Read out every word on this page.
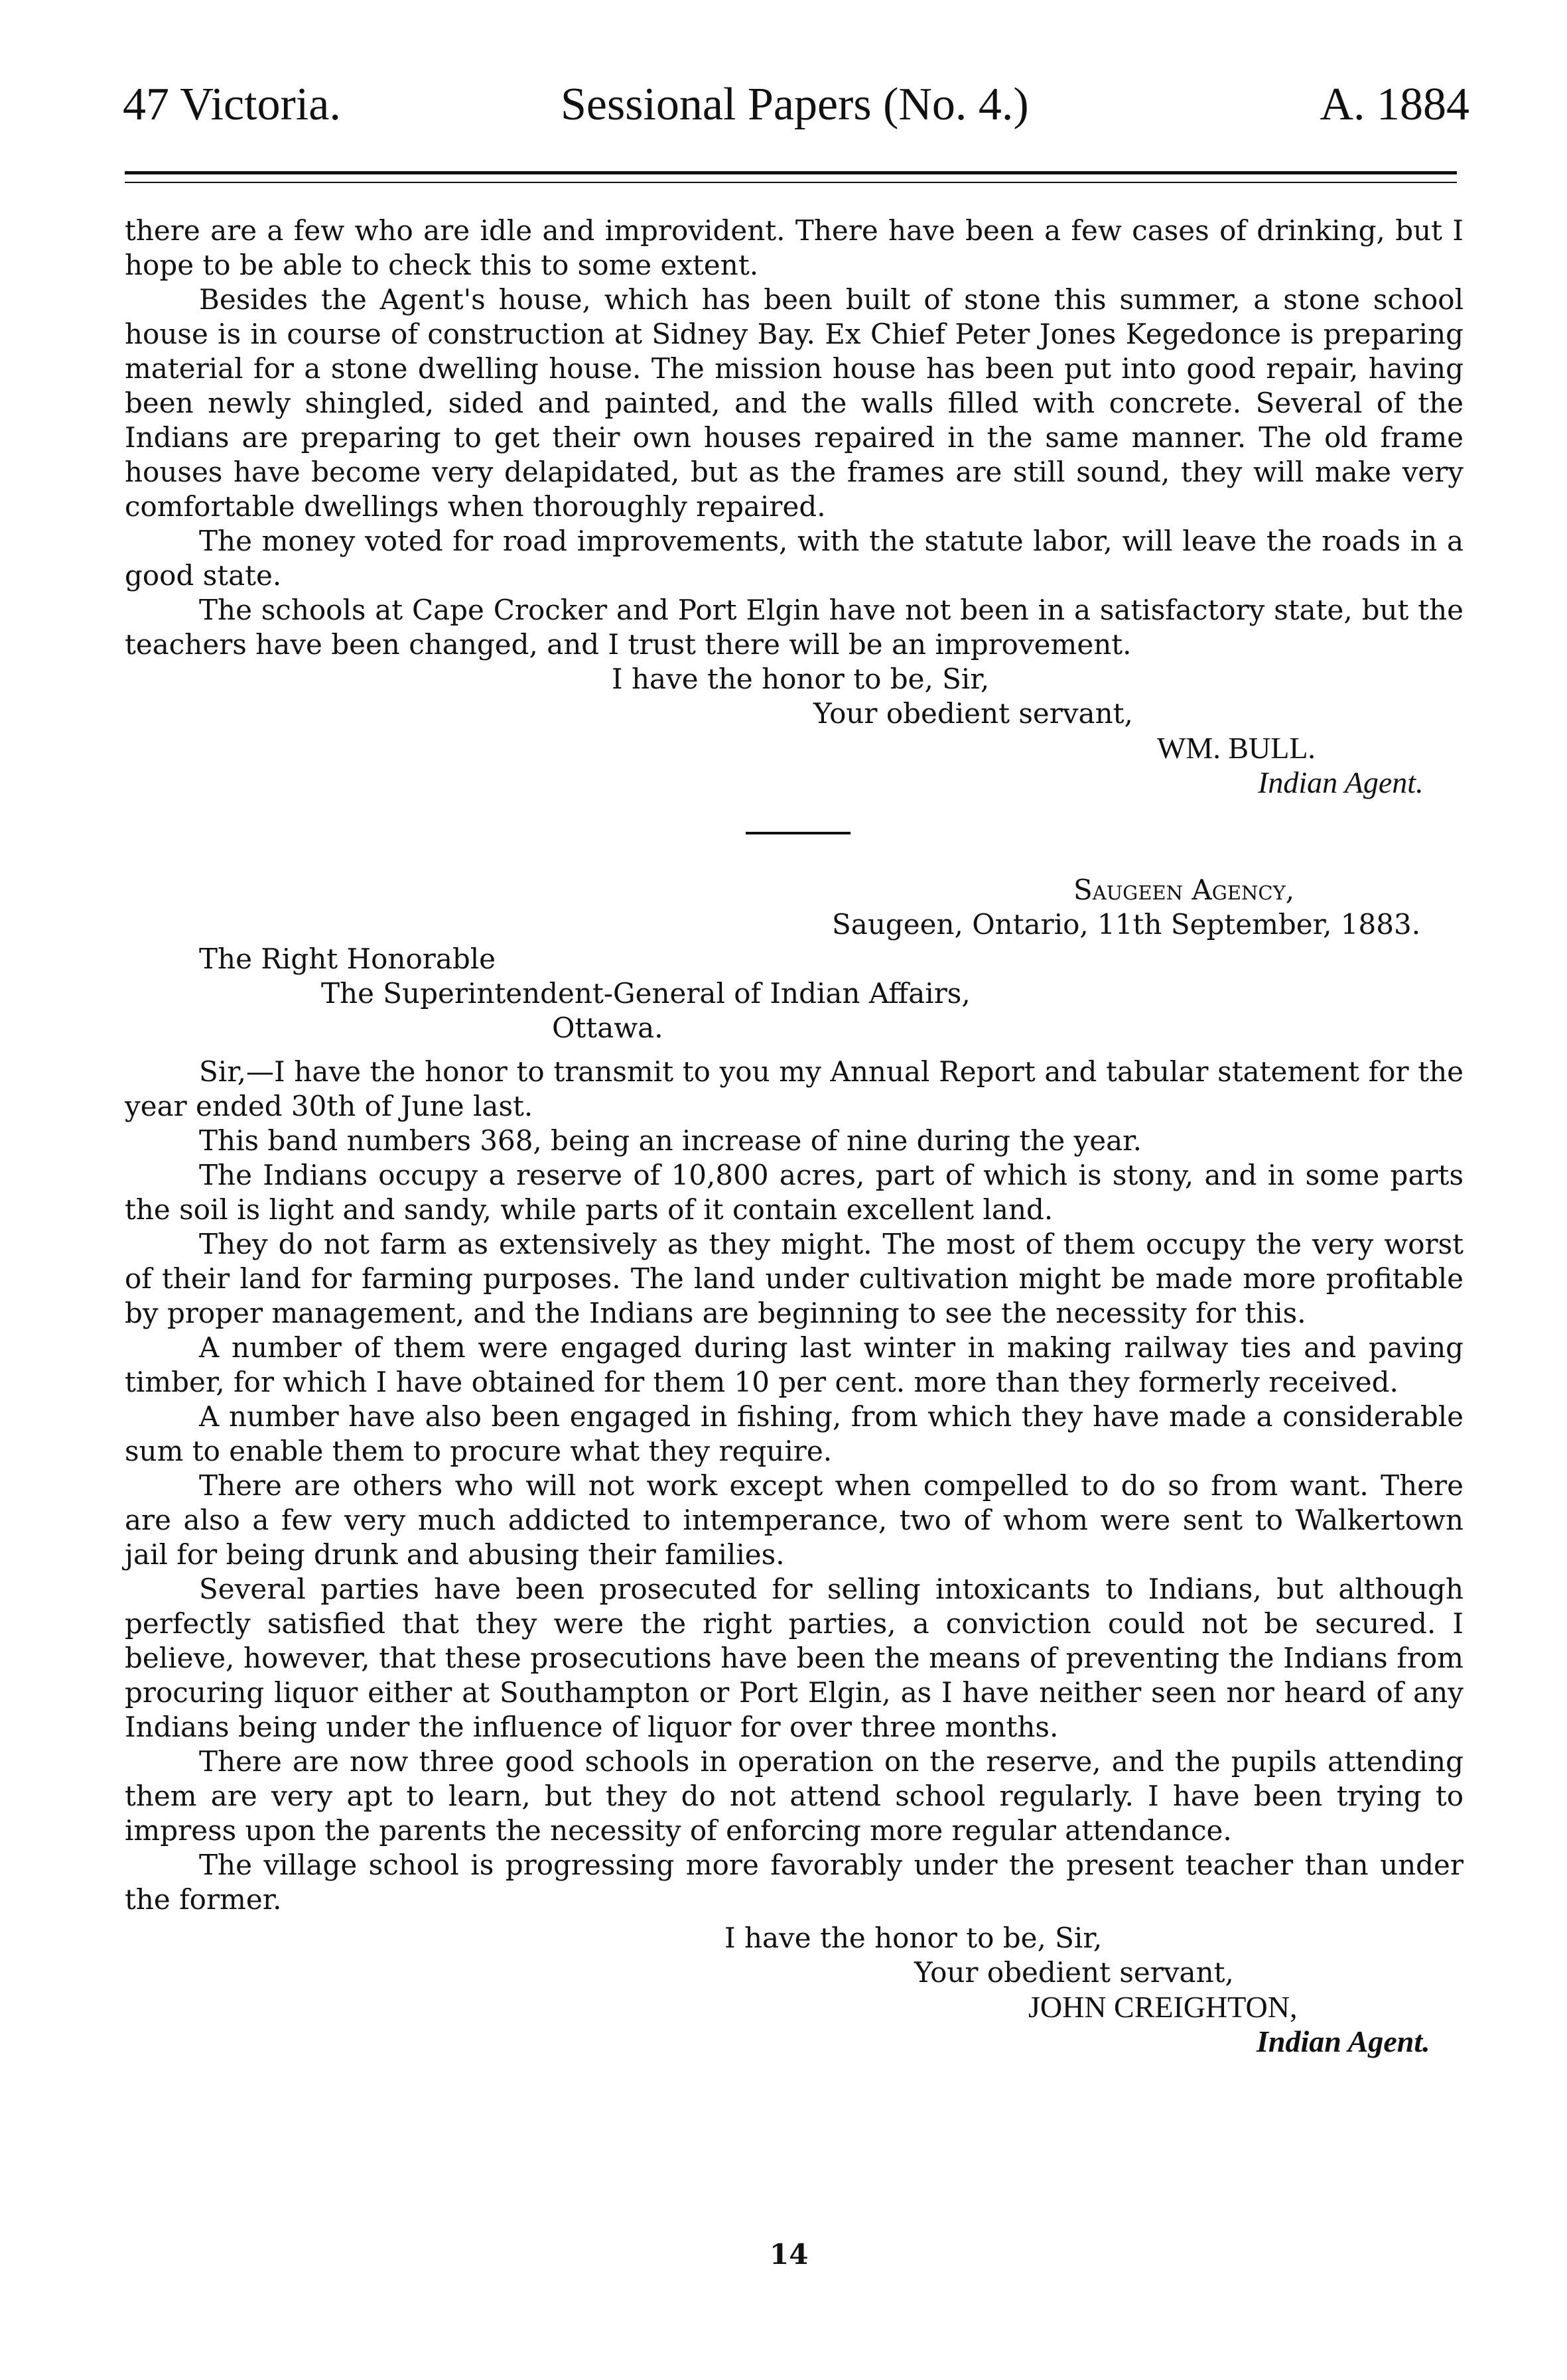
47 Victoria.	Sessional Papers (No. 4.)	A. 1884

there are a few who are idle and improvident. There have been a few cases of drinking, but I hope to be able to check this to some extent.

Besides the Agent's house, which has been built of stone this summer, a stone school house is in course of construction at Sidney Bay. Ex Chief Peter Jones Kegedonce is preparing material for a stone dwelling house. The mission house has been put into good repair, having been newly shingled, sided and painted, and the walls filled with concrete. Several of the Indians are preparing to get their own houses repaired in the same manner. The old frame houses have become very delapidated, but as the frames are still sound, they will make very comfortable dwellings when thoroughly repaired.

The money voted for road improvements, with the statute labor, will leave the roads in a good state.

The schools at Cape Crocker and Port Elgin have not been in a satisfactory state, but the teachers have been changed, and I trust there will be an improvement.

I have the honor to be, Sir,

Your obedient servant,

WM. BULL.

Indian Agent.

Saugeen Agency,

Saugeen, Ontario, 11th September, 1883.

The Right Honorable

The Superintendent-General of Indian Affairs,

Ottawa.

Sir,—I have the honor to transmit to you my Annual Report and tabular statement for the year ended 30th of June last.

This band numbers 368, being an increase of nine during the year.

The Indians occupy a reserve of 10,800 acres, part of which is stony, and in some parts the soil is light and sandy, while parts of it contain excellent land.

They do not farm as extensively as they might. The most of them occupy the very worst of their land for farming purposes. The land under cultivation might be made more profitable by proper management, and the Indians are beginning to see the necessity for this.

A number of them were engaged during last winter in making railway ties and paving timber, for which I have obtained for them 10 per cent. more than they formerly received.

A number have also been engaged in fishing, from which they have made a considerable sum to enable them to procure what they require.

There are others who will not work except when compelled to do so from want. There are also a few very much addicted to intemperance, two of whom were sent to Walkertown jail for being drunk and abusing their families.

Several parties have been prosecuted for selling intoxicants to Indians, but although perfectly satisfied that they were the right parties, a conviction could not be secured. I believe, however, that these prosecutions have been the means of preventing the Indians from procuring liquor either at Southampton or Port Elgin, as I have neither seen nor heard of any Indians being under the influence of liquor for over three months.

There are now three good schools in operation on the reserve, and the pupils attending them are very apt to learn, but they do not attend school regularly. I have been trying to impress upon the parents the necessity of enforcing more regular attendance.

The village school is progressing more favorably under the present teacher than under the former.

I have the honor to be, Sir,

Your obedient servant,

JOHN CREIGHTON,

Indian Agent.

14
